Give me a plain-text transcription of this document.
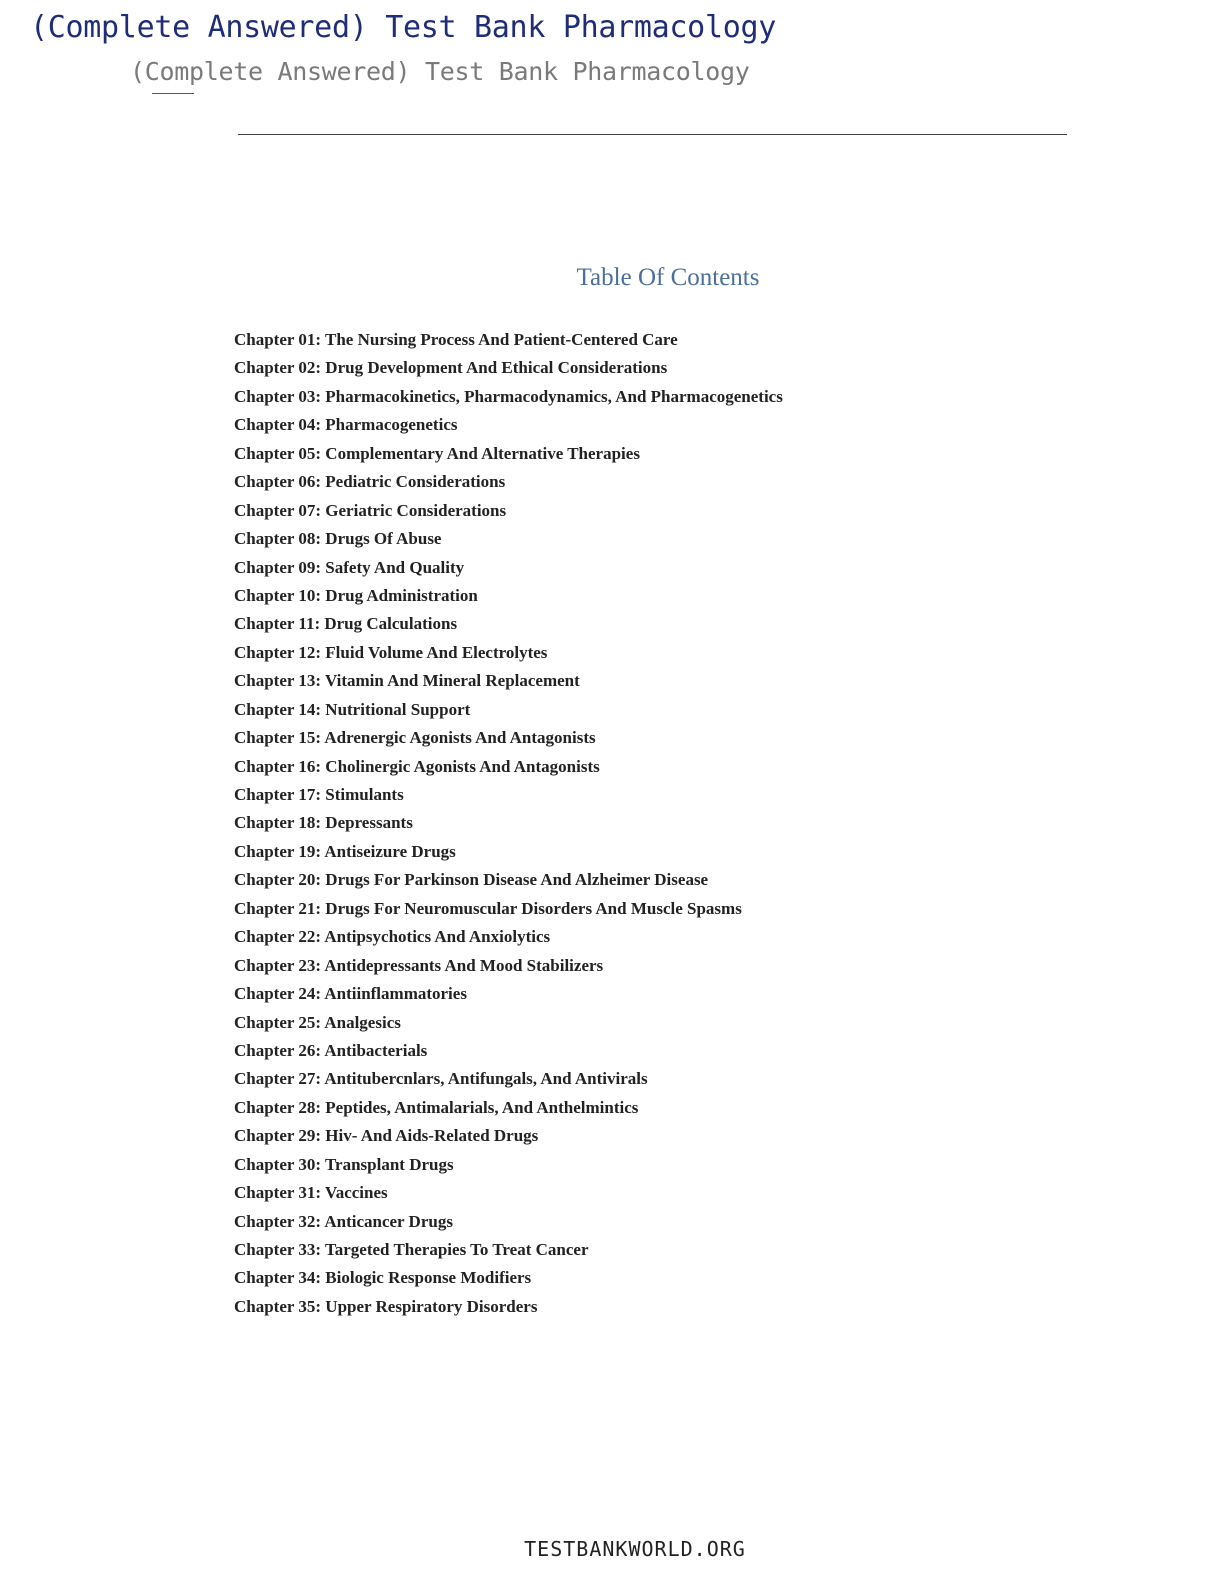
(Complete Answered) Test Bank Pharmacology
(Complete Answered) Test Bank Pharmacology
Table Of Contents
Chapter 01: The Nursing Process And Patient-Centered Care
Chapter 02: Drug Development And Ethical Considerations
Chapter 03: Pharmacokinetics, Pharmacodynamics, And Pharmacogenetics
Chapter 04: Pharmacogenetics
Chapter 05: Complementary And Alternative Therapies
Chapter 06: Pediatric Considerations
Chapter 07: Geriatric Considerations
Chapter 08: Drugs Of Abuse
Chapter 09: Safety And Quality
Chapter 10: Drug Administration
Chapter 11: Drug Calculations
Chapter 12: Fluid Volume And Electrolytes
Chapter 13: Vitamin And Mineral Replacement
Chapter 14: Nutritional Support
Chapter 15: Adrenergic Agonists And Antagonists
Chapter 16: Cholinergic Agonists And Antagonists
Chapter 17: Stimulants
Chapter 18: Depressants
Chapter 19: Antiseizure Drugs
Chapter 20: Drugs For Parkinson Disease And Alzheimer Disease
Chapter 21: Drugs For Neuromuscular Disorders And Muscle Spasms
Chapter 22: Antipsychotics And Anxiolytics
Chapter 23: Antidepressants And Mood Stabilizers
Chapter 24: Antiinflammatories
Chapter 25: Analgesics
Chapter 26: Antibacterials
Chapter 27: Antitubercnlars, Antifungals, And Antivirals
Chapter 28: Peptides, Antimalarials, And Anthelmintics
Chapter 29: Hiv- And Aids-Related Drugs
Chapter 30: Transplant Drugs
Chapter 31: Vaccines
Chapter 32: Anticancer Drugs
Chapter 33: Targeted Therapies To Treat Cancer
Chapter 34: Biologic Response Modifiers
Chapter 35: Upper Respiratory Disorders
TESTBANKWORLD.ORG
